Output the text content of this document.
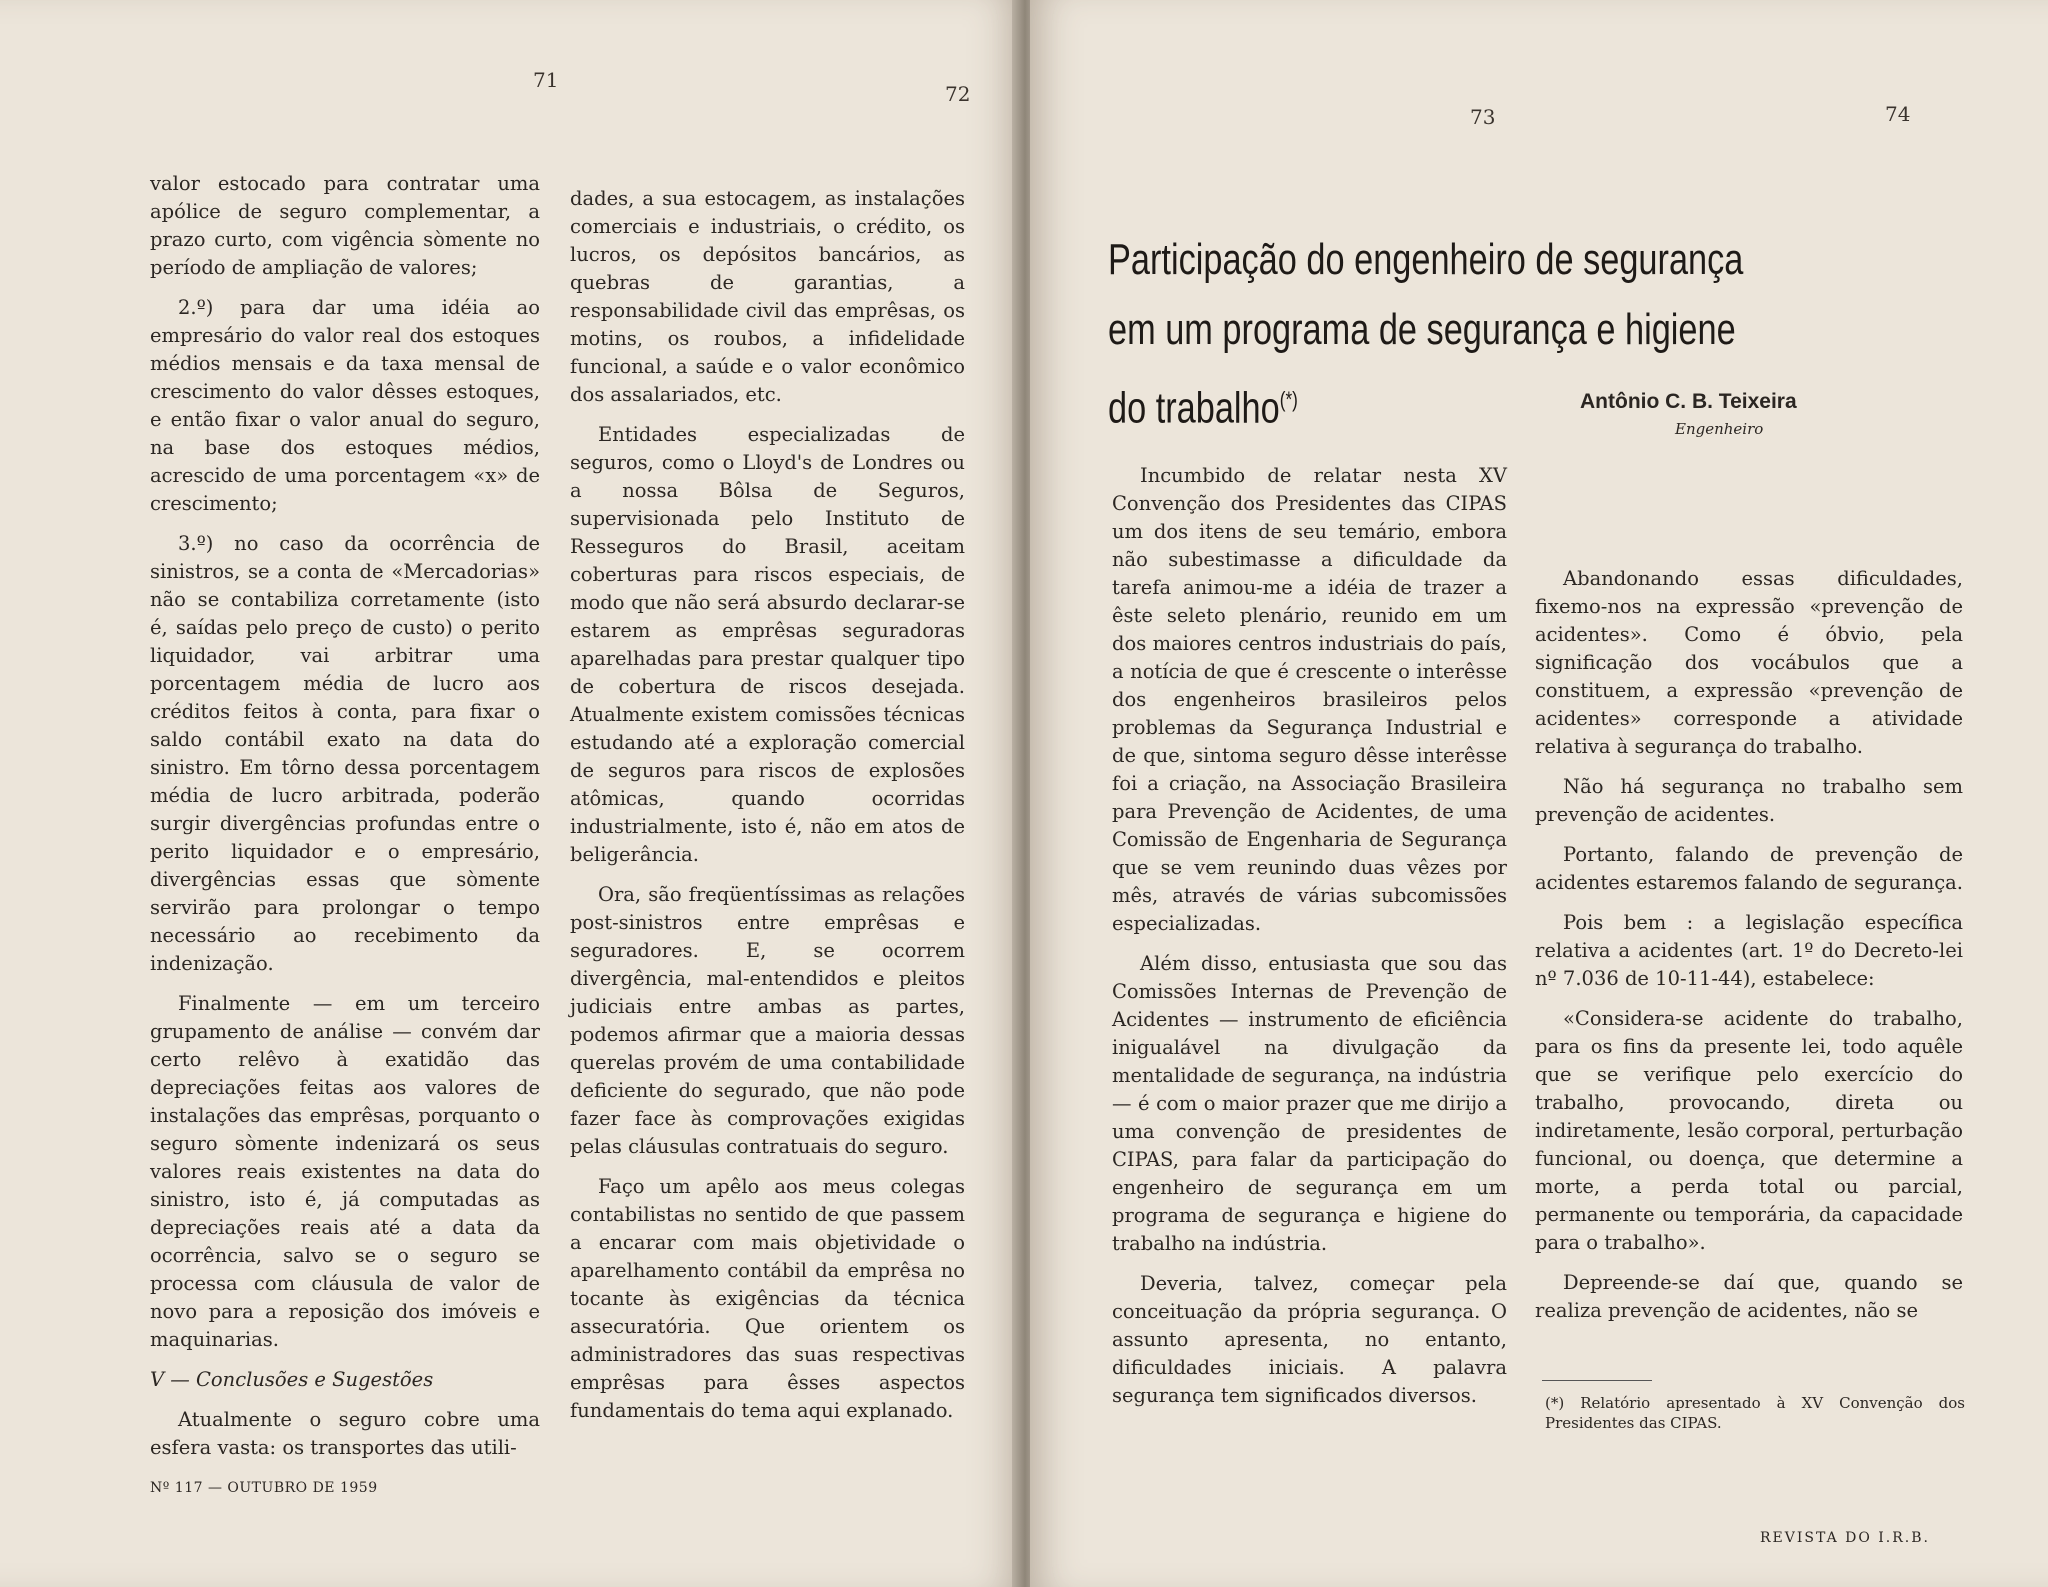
71
72

valor estocado para contratar uma apólice de seguro complementar, a prazo curto, com vigência sòmente no período de ampliação de valores;

2.º) para dar uma idéia ao empresário do valor real dos estoques médios mensais e da taxa mensal de crescimento do valor dêsses estoques, e então fixar o valor anual do seguro, na base dos estoques médios, acrescido de uma porcentagem «x» de crescimento;

3.º) no caso da ocorrência de sinistros, se a conta de «Mercadorias» não se contabiliza corretamente (isto é, saídas pelo preço de custo) o perito liquidador, vai arbitrar uma porcentagem média de lucro aos créditos feitos à conta, para fixar o saldo contábil exato na data do sinistro. Em tôrno dessa porcentagem média de lucro arbitrada, poderão surgir divergências profundas entre o perito liquidador e o empresário, divergências essas que sòmente servirão para prolongar o tempo necessário ao recebimento da indenização.

Finalmente — em um terceiro grupamento de análise — convém dar certo relêvo à exatidão das depreciações feitas aos valores de instalações das emprêsas, porquanto o seguro sòmente indenizará os seus valores reais existentes na data do sinistro, isto é, já computadas as depreciações reais até a data da ocorrência, salvo se o seguro se processa com cláusula de valor de novo para a reposição dos imóveis e maquinarias.

V — Conclusões e Sugestões

Atualmente o seguro cobre uma esfera vasta: os transportes das utili-

dades, a sua estocagem, as instalações comerciais e industriais, o crédito, os lucros, os depósitos bancários, as quebras de garantias, a responsabilidade civil das emprêsas, os motins, os roubos, a infidelidade funcional, a saúde e o valor econômico dos assalariados, etc.

Entidades especializadas de seguros, como o Lloyd's de Londres ou a nossa Bôlsa de Seguros, supervisionada pelo Instituto de Resseguros do Brasil, aceitam coberturas para riscos especiais, de modo que não será absurdo declarar-se estarem as emprêsas seguradoras aparelhadas para prestar qualquer tipo de cobertura de riscos desejada. Atualmente existem comissões técnicas estudando até a exploração comercial de seguros para riscos de explosões atômicas, quando ocorridas industrialmente, isto é, não em atos de beligerância.

Ora, são freqüentíssimas as relações post-sinistros entre emprêsas e seguradores. E, se ocorrem divergência, mal-entendidos e pleitos judiciais entre ambas as partes, podemos afirmar que a maioria dessas querelas provém de uma contabilidade deficiente do segurado, que não pode fazer face às comprovações exigidas pelas cláusulas contratuais do seguro.

Faço um apêlo aos meus colegas contabilistas no sentido de que passem a encarar com mais objetividade o aparelhamento contábil da emprêsa no tocante às exigências da técnica assecuratória. Que orientem os administradores das suas respectivas emprêsas para êsses aspectos fundamentais do tema aqui explanado.

Nº 117 — OUTUBRO DE 1959
73	74
Participação do engenheiro de segurança em um programa de segurança e higiene do trabalho(*)	Antônio C. B. Teixeira
Engenheiro

Incumbido de relatar nesta XV Convenção dos Presidentes das CIPAS um dos itens de seu temário, embora não subestimasse a dificuldade da tarefa animou-me a idéia de trazer a êste seleto plenário, reunido em um dos maiores centros industriais do país, a notícia de que é crescente o interêsse dos engenheiros brasileiros pelos problemas da Segurança Industrial e de que, sintoma seguro dêsse interêsse foi a criação, na Associação Brasileira para Prevenção de Acidentes, de uma Comissão de Engenharia de Segurança que se vem reunindo duas vêzes por mês, através de várias subcomissões especializadas.

Além disso, entusiasta que sou das Comissões Internas de Prevenção de Acidentes — instrumento de eficiência inigualável na divulgação da mentalidade de segurança, na indústria — é com o maior prazer que me dirijo a uma convenção de presidentes de CIPAS, para falar da participação do engenheiro de segurança em um programa de segurança e higiene do trabalho na indústria.

Deveria, talvez, começar pela conceituação da própria segurança. O assunto apresenta, no entanto, dificuldades iniciais. A palavra segurança tem significados diversos.

Abandonando essas dificuldades, fixemo-nos na expressão «prevenção de acidentes». Como é óbvio, pela significação dos vocábulos que a constituem, a expressão «prevenção de acidentes» corresponde a atividade relativa à segurança do trabalho.

Não há segurança no trabalho sem prevenção de acidentes.

Portanto, falando de prevenção de acidentes estaremos falando de segurança.

Pois bem : a legislação específica relativa a acidentes (art. 1º do Decreto-lei nº 7.036 de 10-11-44), estabelece:

«Considera-se acidente do trabalho, para os fins da presente lei, todo aquêle que se verifique pelo exercício do trabalho, provocando, direta ou indiretamente, lesão corporal, perturbação funcional, ou doença, que determine a morte, a perda total ou parcial, permanente ou temporária, da capacidade para o trabalho».

Depreende-se daí que, quando se realiza prevenção de acidentes, não se

(*) Relatório apresentado à XV Convenção dos Presidentes das CIPAS.
REVISTA DO I.R.B.
